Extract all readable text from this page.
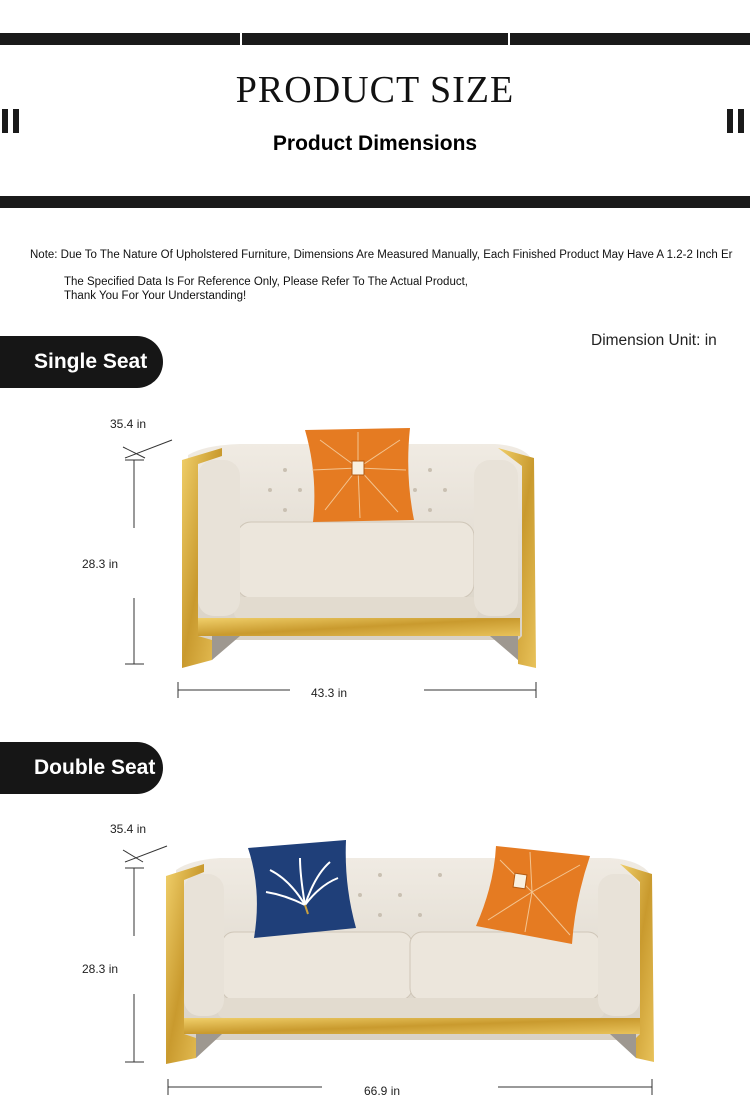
PRODUCT SIZE
Product Dimensions
Note: Due To The Nature Of Upholstered Furniture, Dimensions Are Measured Manually, Each Finished Product May Have A 1.2-2 Inch Er
The Specified Data Is For Reference Only, Please Refer To The Actual Product,
Thank You For Your Understanding!
Single Seat
Dimension Unit: in
35.4 in
28.3 in
43.3 in
Double Seat
35.4 in
28.3 in
66.9 in
